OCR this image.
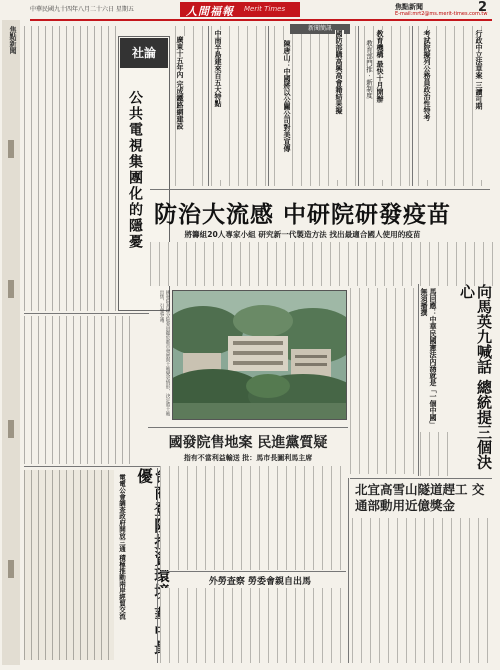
中華民國九十四年八月二十六日 星期五	人間福報 Merit Times	焦點新聞	2
E-mail:mrt2@ms.merit-times.com.tw
焦點新聞	社論
公共電視集團化的隱憂
新聞簡訊
行政中立法草案 三讀可期
考試院擬列公務員政治性特考
教育機構 最快十月開辦
教育部門推 · 新制度
國防部購高興高會籍結果擬
陳唐山：中國將以公關公司對美宣傳
中南半島建來百五大特點
廣東十五年內 完成鐵路網建設
防治大流感 中研院研發疫苗
將籌組20人專家小組 研究新一代製造方法 找出最適合國人使用的疫苗
國發院高雄分院委員鑑於都市發展與土地變更情形，決定將土地出售，引發爭議。
國發院售地案 民進黨質疑
指有不當利益輸送 批：馬市長圖利馬主席	向馬英九喊話 總統提三個決心
馬回應：中華民國憲法內涵就是「一個中國」無須播撰
北宜高雪山隧道趕工 交通部動用近億獎金
優
電電公會調查政府開放三通 積極推動兩岸經貿交流	外勞查察 勞委會親自出馬
